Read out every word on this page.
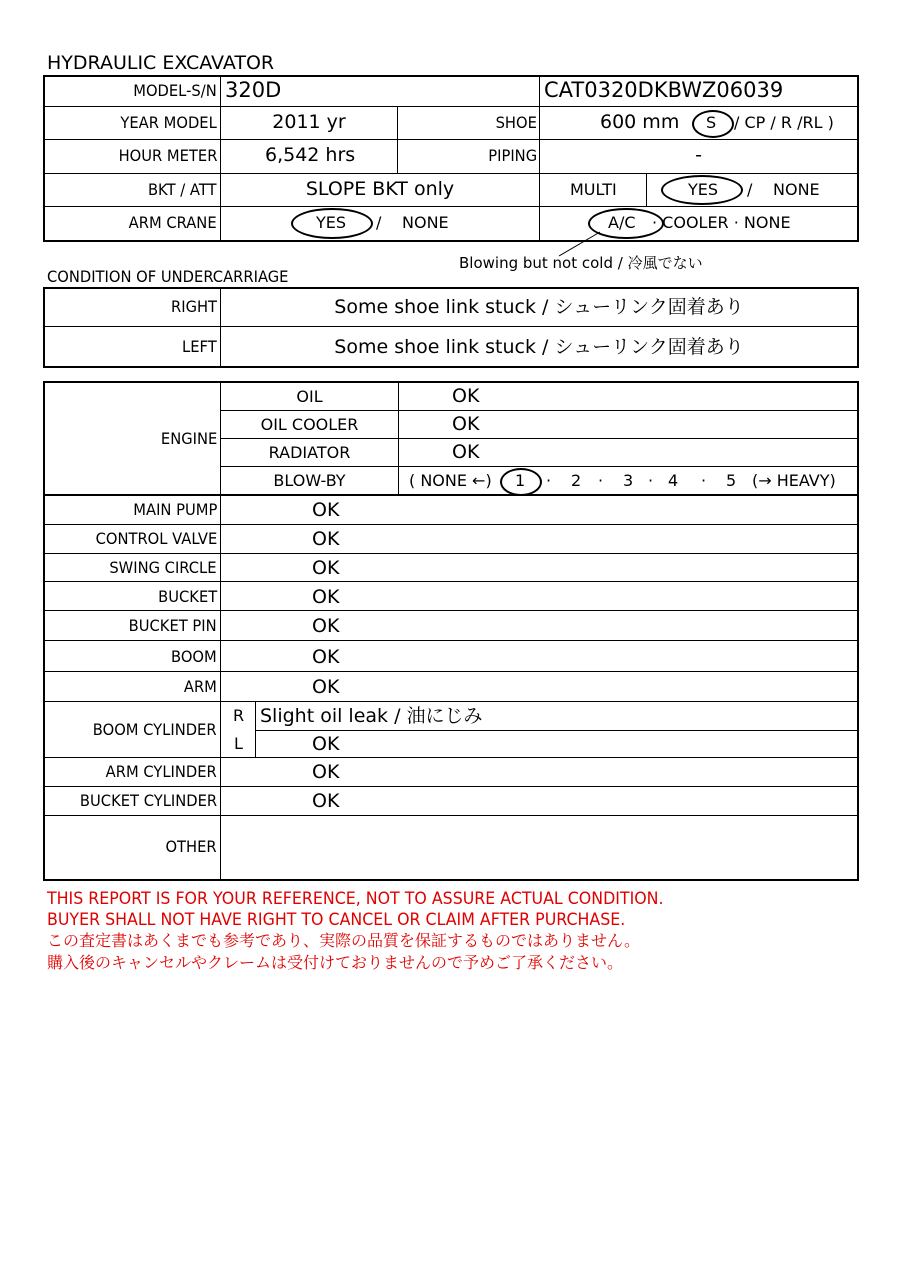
HYDRAULIC EXCAVATOR
MODEL-S/N 320D	CAT0320DKBWZ06039
YEAR MODEL	2011 yr	SHOE	600 mm S / CP / R /RL )
HOUR METER	6,542 hrs	PIPING	-
BKT / ATT	SLOPE BKT only	MULTI	YES / NONE
ARM CRANE	YES / NONE	A/C · COOLER · NONE
Blowing but not cold / 冷風でない
CONDITION OF UNDERCARRIAGE
RIGHT	Some shoe link stuck / シューリンク固着あり
LEFT	Some shoe link stuck / シューリンク固着あり
ENGINE
OIL	OK
OIL COOLER	OK
RADIATOR	OK
BLOW-BY	( NONE ←) 1 · 2 · 3 · 4 · 5 (→ HEAVY)
MAIN PUMP	OK
CONTROL VALVE	OK
SWING CIRCLE	OK
BUCKET	OK
BUCKET PIN	OK
BOOM	OK
ARM	OK
BOOM CYLINDER
R Slight oil leak / 油にじみ
L	OK
ARM CYLINDER	OK
BUCKET CYLINDER	OK
OTHER
THIS REPORT IS FOR YOUR REFERENCE, NOT TO ASSURE ACTUAL CONDITION.
BUYER SHALL NOT HAVE RIGHT TO CANCEL OR CLAIM AFTER PURCHASE.
この査定書はあくまでも参考であり、実際の品質を保証するものではありません。
購入後のキャンセルやクレームは受付けておりませんので予めご了承ください。
